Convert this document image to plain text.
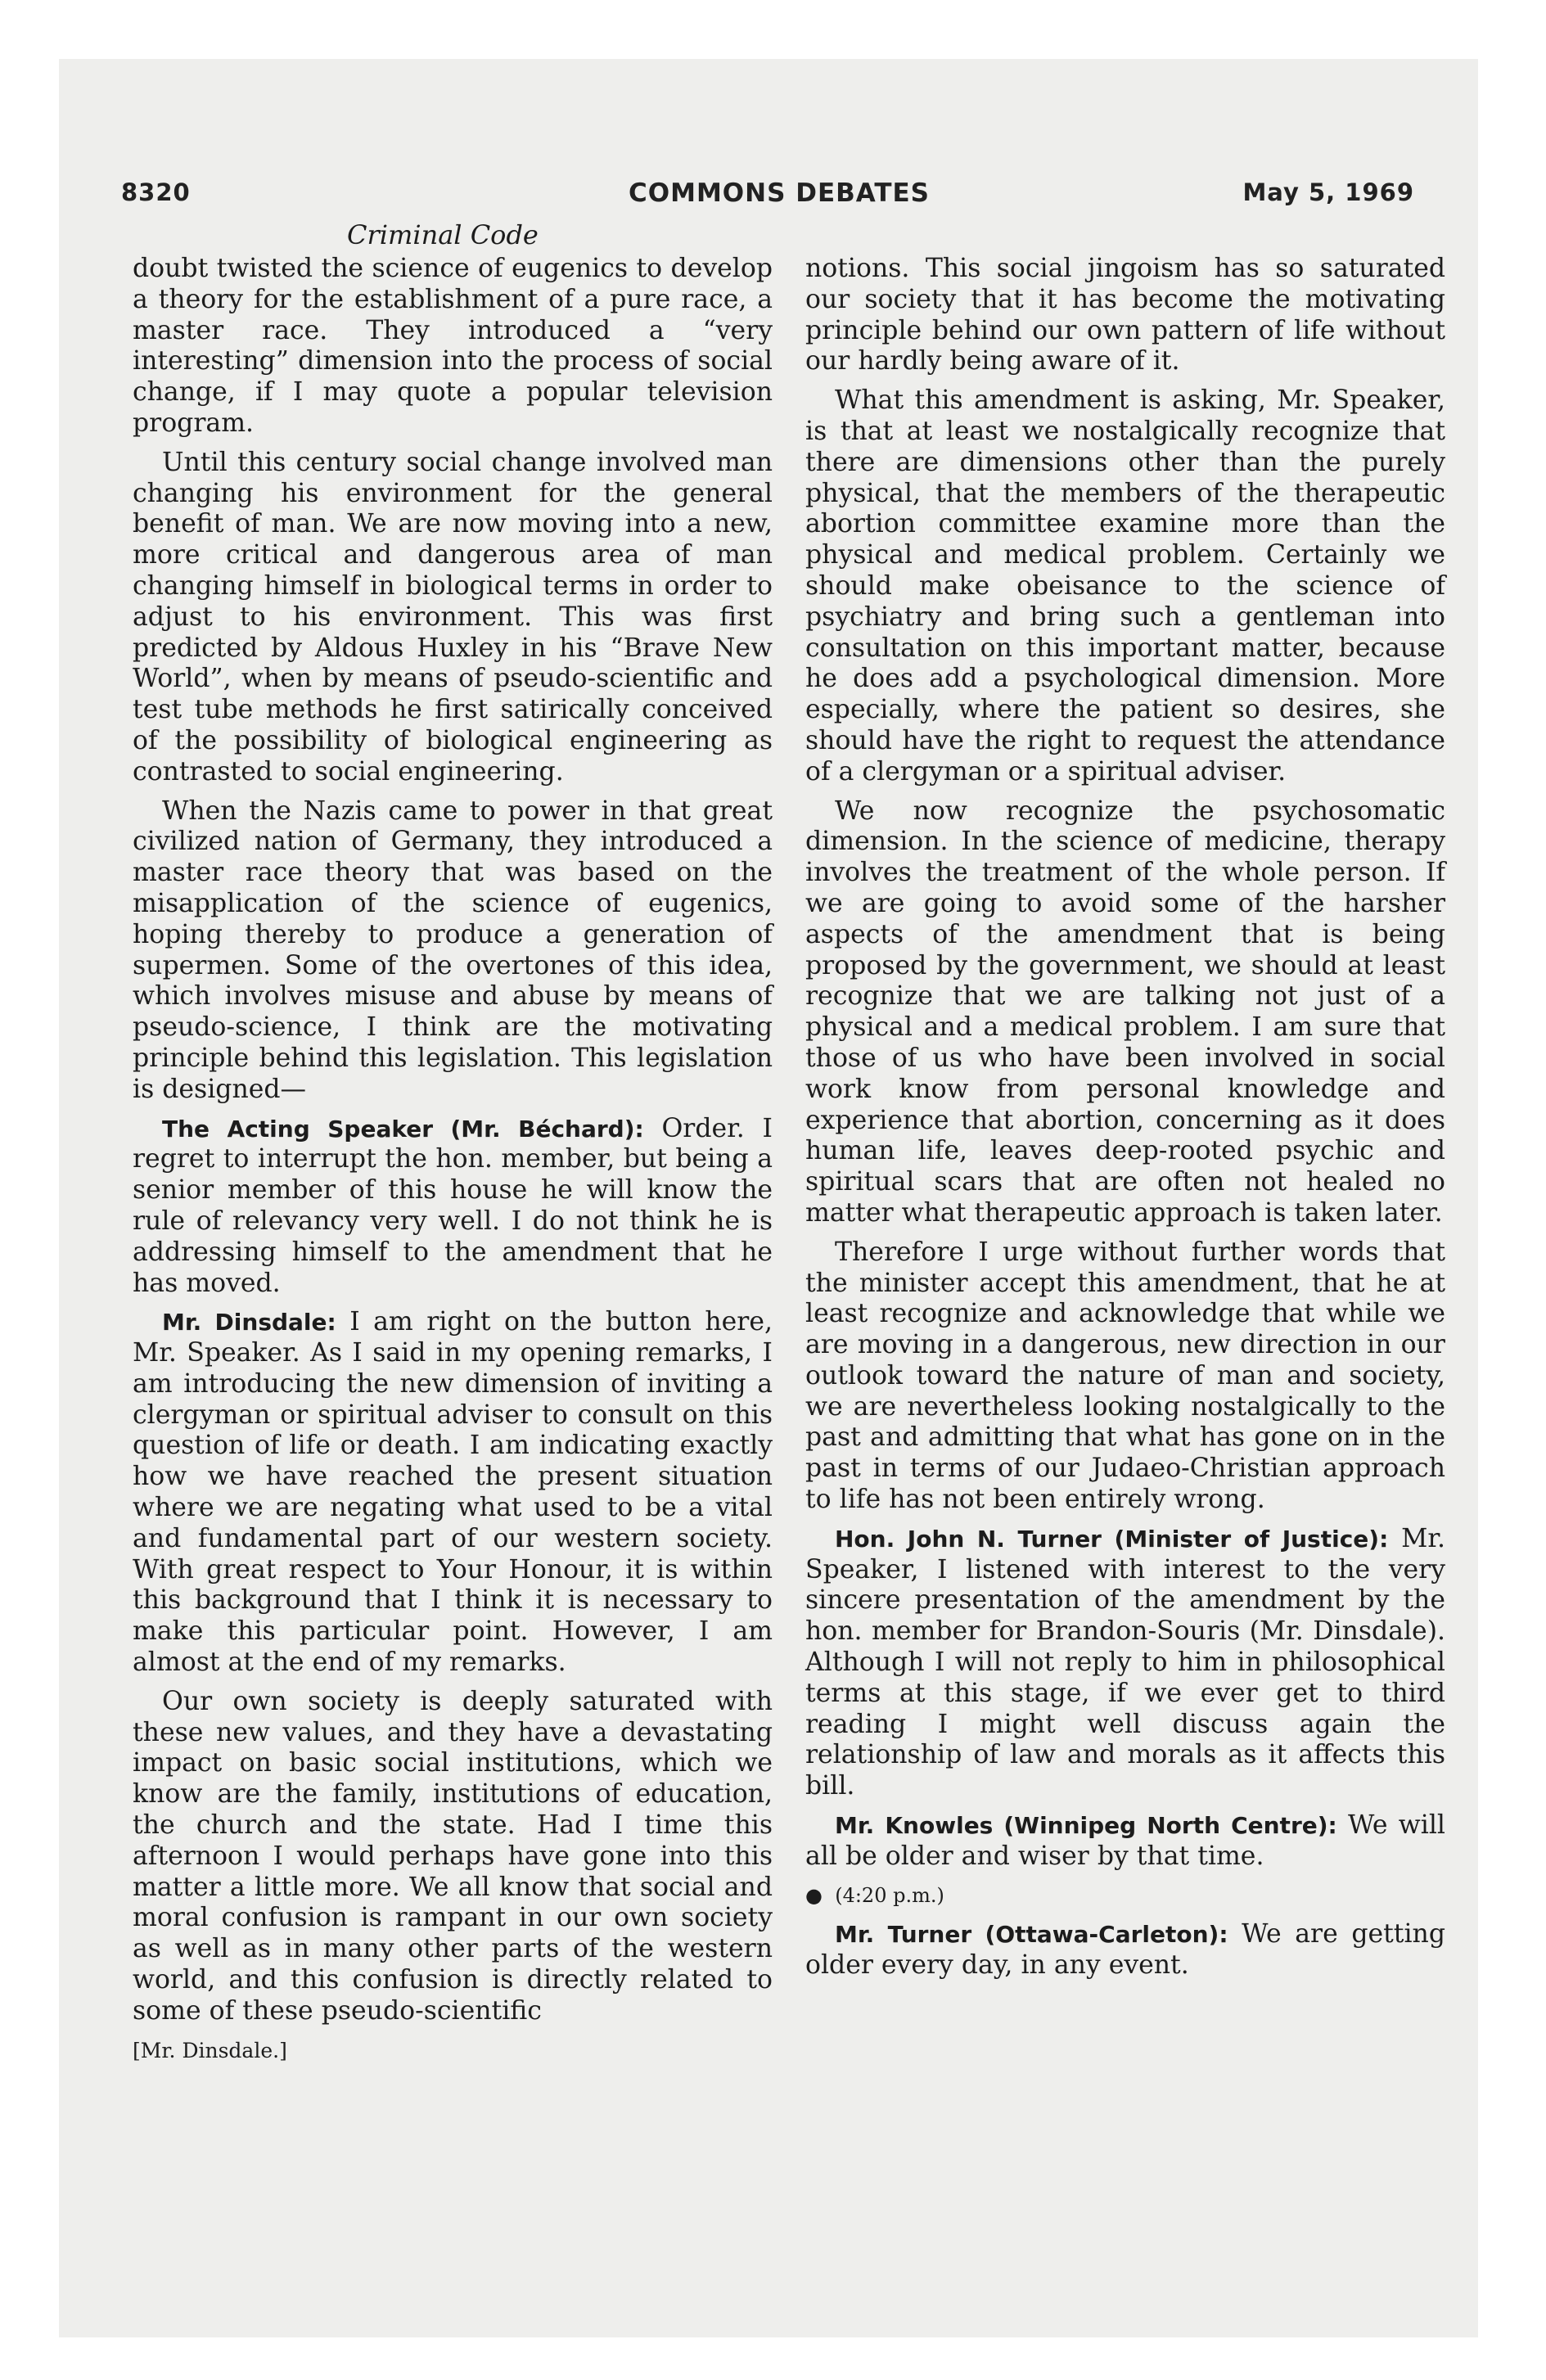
8320	COMMONS DEBATES	May 5, 1969
Criminal Code

doubt twisted the science of eugenics to develop a theory for the establishment of a pure race, a master race. They introduced a “very interesting” dimension into the process of social change, if I may quote a popular television program.

Until this century social change involved man changing his environment for the general benefit of man. We are now moving into a new, more critical and dangerous area of man changing himself in biological terms in order to adjust to his environment. This was first predicted by Aldous Huxley in his “Brave New World”, when by means of pseudo-scientific and test tube methods he first satirically conceived of the possibility of biological engineering as contrasted to social engineering.

When the Nazis came to power in that great civilized nation of Germany, they introduced a master race theory that was based on the misapplication of the science of eugenics, hoping thereby to produce a generation of supermen. Some of the overtones of this idea, which involves misuse and abuse by means of pseudo-science, I think are the motivating principle behind this legislation. This legislation is designed—

The Acting Speaker (Mr. Béchard): Order. I regret to interrupt the hon. member, but being a senior member of this house he will know the rule of relevancy very well. I do not think he is addressing himself to the amendment that he has moved.

Mr. Dinsdale: I am right on the button here, Mr. Speaker. As I said in my opening remarks, I am introducing the new dimension of inviting a clergyman or spiritual adviser to consult on this question of life or death. I am indicating exactly how we have reached the present situation where we are negating what used to be a vital and fundamental part of our western society. With great respect to Your Honour, it is within this background that I think it is necessary to make this particular point. However, I am almost at the end of my remarks.

Our own society is deeply saturated with these new values, and they have a devastating impact on basic social institutions, which we know are the family, institutions of education, the church and the state. Had I time this afternoon I would perhaps have gone into this matter a little more. We all know that social and moral confusion is rampant in our own society as well as in many other parts of the western world, and this confusion is directly related to some of these pseudo-scientific

[Mr. Dinsdale.]

notions. This social jingoism has so saturated our society that it has become the motivating principle behind our own pattern of life without our hardly being aware of it.

What this amendment is asking, Mr. Speaker, is that at least we nostalgically recognize that there are dimensions other than the purely physical, that the members of the therapeutic abortion committee examine more than the physical and medical problem. Certainly we should make obeisance to the science of psychiatry and bring such a gentleman into consultation on this important matter, because he does add a psychological dimension. More especially, where the patient so desires, she should have the right to request the attendance of a clergyman or a spiritual adviser.

We now recognize the psychosomatic dimension. In the science of medicine, therapy involves the treatment of the whole person. If we are going to avoid some of the harsher aspects of the amendment that is being proposed by the government, we should at least recognize that we are talking not just of a physical and a medical problem. I am sure that those of us who have been involved in social work know from personal knowledge and experience that abortion, concerning as it does human life, leaves deep-rooted psychic and spiritual scars that are often not healed no matter what therapeutic approach is taken later.

Therefore I urge without further words that the minister accept this amendment, that he at least recognize and acknowledge that while we are moving in a dangerous, new direction in our outlook toward the nature of man and society, we are nevertheless looking nostalgically to the past and admitting that what has gone on in the past in terms of our Judaeo-Christian approach to life has not been entirely wrong.

Hon. John N. Turner (Minister of Justice): Mr. Speaker, I listened with interest to the very sincere presentation of the amendment by the hon. member for Brandon-Souris (Mr. Dinsdale). Although I will not reply to him in philosophical terms at this stage, if we ever get to third reading I might well discuss again the relationship of law and morals as it affects this bill.

Mr. Knowles (Winnipeg North Centre): We will all be older and wiser by that time.

●  (4:20 p.m.)

Mr. Turner (Ottawa-Carleton): We are getting older every day, in any event.
